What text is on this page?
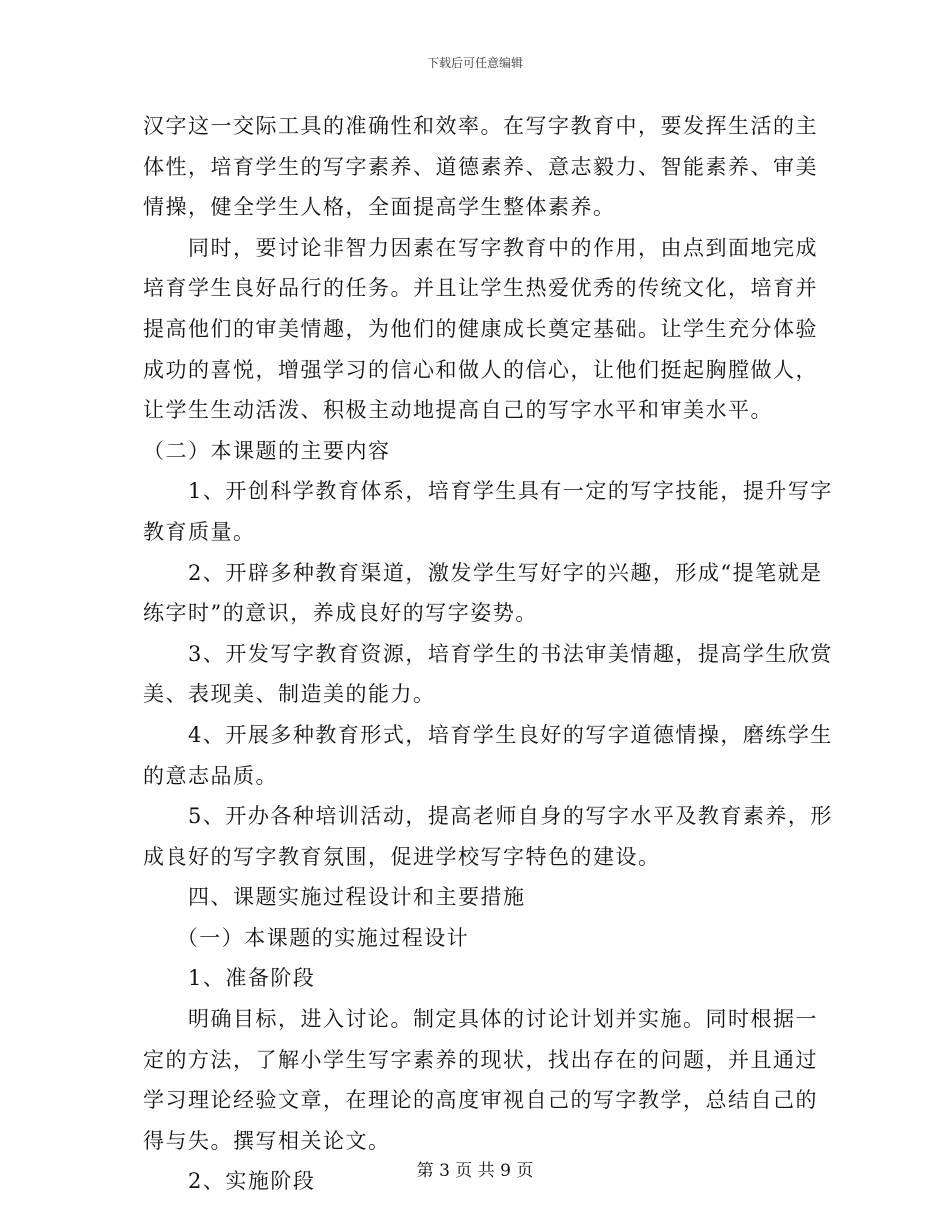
下载后可任意编辑
汉字这一交际工具的准确性和效率。在写字教育中，要发挥生活的主
体性，培育学生的写字素养、道德素养、意志毅力、智能素养、审美
情操，健全学生人格，全面提高学生整体素养。
同时，要讨论非智力因素在写字教育中的作用，由点到面地完成
培育学生良好品行的任务。并且让学生热爱优秀的传统文化，培育并
提高他们的审美情趣，为他们的健康成长奠定基础。让学生充分体验
成功的喜悦，增强学习的信心和做人的信心，让他们挺起胸膛做人，
让学生生动活泼、积极主动地提高自己的写字水平和审美水平。
（二）本课题的主要内容
1、开创科学教育体系，培育学生具有一定的写字技能，提升写字
教育质量。
2、开辟多种教育渠道，激发学生写好字的兴趣，形成“提笔就是
练字时”的意识，养成良好的写字姿势。
3、开发写字教育资源，培育学生的书法审美情趣，提高学生欣赏
美、表现美、制造美的能力。
4、开展多种教育形式，培育学生良好的写字道德情操，磨练学生
的意志品质。
5、开办各种培训活动，提高老师自身的写字水平及教育素养，形
成良好的写字教育氛围，促进学校写字特色的建设。
四、课题实施过程设计和主要措施
（一）本课题的实施过程设计
1、准备阶段
明确目标，进入讨论。制定具体的讨论计划并实施。同时根据一
定的方法，了解小学生写字素养的现状，找出存在的问题，并且通过
学习理论经验文章，在理论的高度审视自己的写字教学，总结自己的
得与失。撰写相关论文。
2、实施阶段	第 3 页 共 9 页
